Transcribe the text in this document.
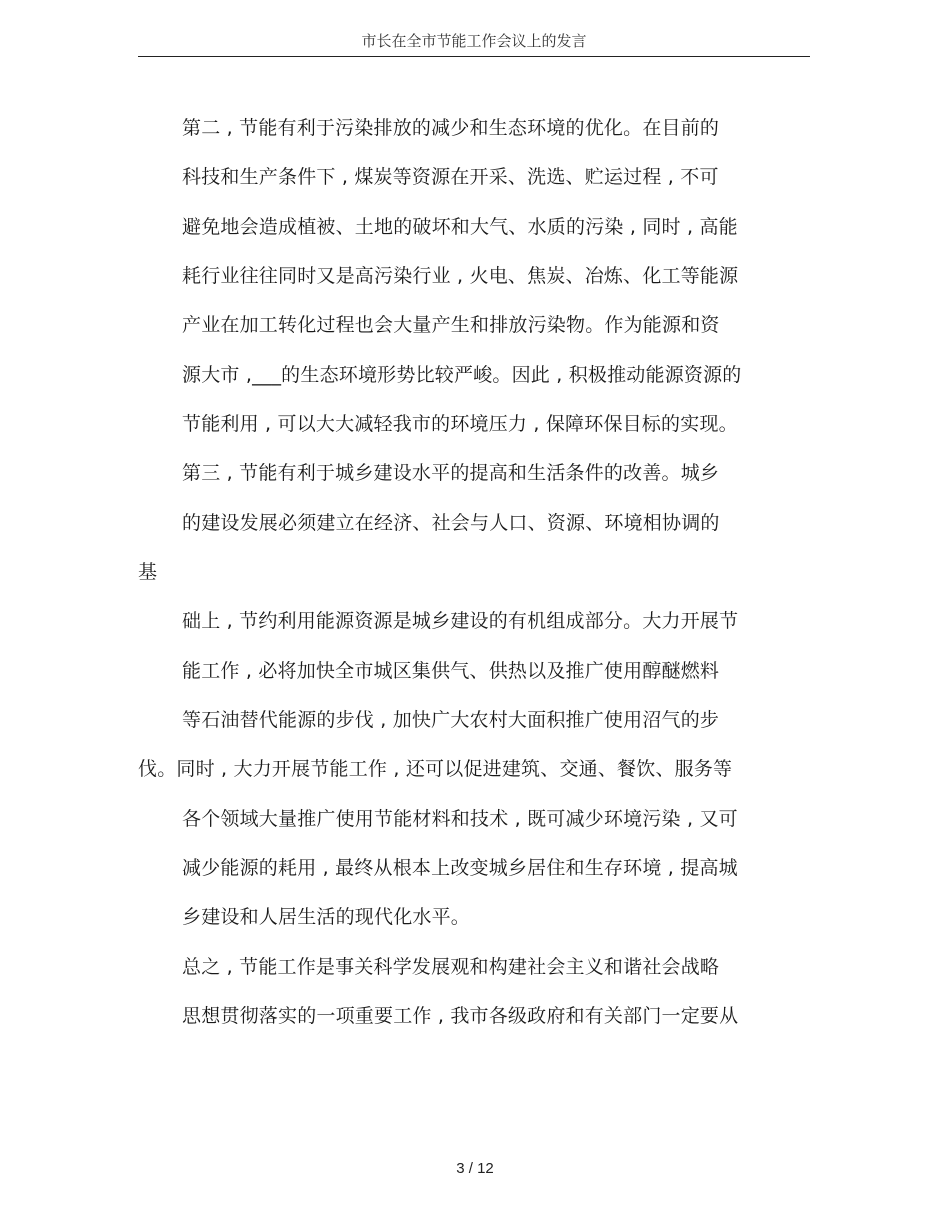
市长在全市节能工作会议上的发言
第二 , 节能有利于污染排放的减少和生态环境的优化。在目前的
科技和生产条件下 , 煤炭等资源在开采、洗选、贮运过程 , 不可
避免地会造成植被、土地的破坏和大气、水质的污染 , 同时 , 高能
耗行业往往同时又是高污染行业 , 火电、焦炭、冶炼、化工等能源
产业在加工转化过程也会大量产生和排放污染物。作为能源和资
源大市 ,___的生态环境形势比较严峻。因此 , 积极推动能源资源的
节能利用 , 可以大大减轻我市的环境压力 , 保障环保目标的实现。
第三 , 节能有利于城乡建设水平的提高和生活条件的改善。城乡
的建设发展必须建立在经济、社会与人口、资源、环境相协调的
基
础上 , 节约利用能源资源是城乡建设的有机组成部分。大力开展节
能工作 , 必将加快全市城区集供气、供热以及推广使用醇醚燃料
等石油替代能源的步伐 , 加快广大农村大面积推广使用沼气的步
伐。同时 , 大力开展节能工作 , 还可以促进建筑、交通、餐饮、服务等
各个领域大量推广使用节能材料和技术 , 既可减少环境污染 , 又可
减少能源的耗用 , 最终从根本上改变城乡居住和生存环境 , 提高城
乡建设和人居生活的现代化水平。
总之 , 节能工作是事关科学发展观和构建社会主义和谐社会战略
思想贯彻落实的一项重要工作 , 我市各级政府和有关部门一定要从
3 / 12
